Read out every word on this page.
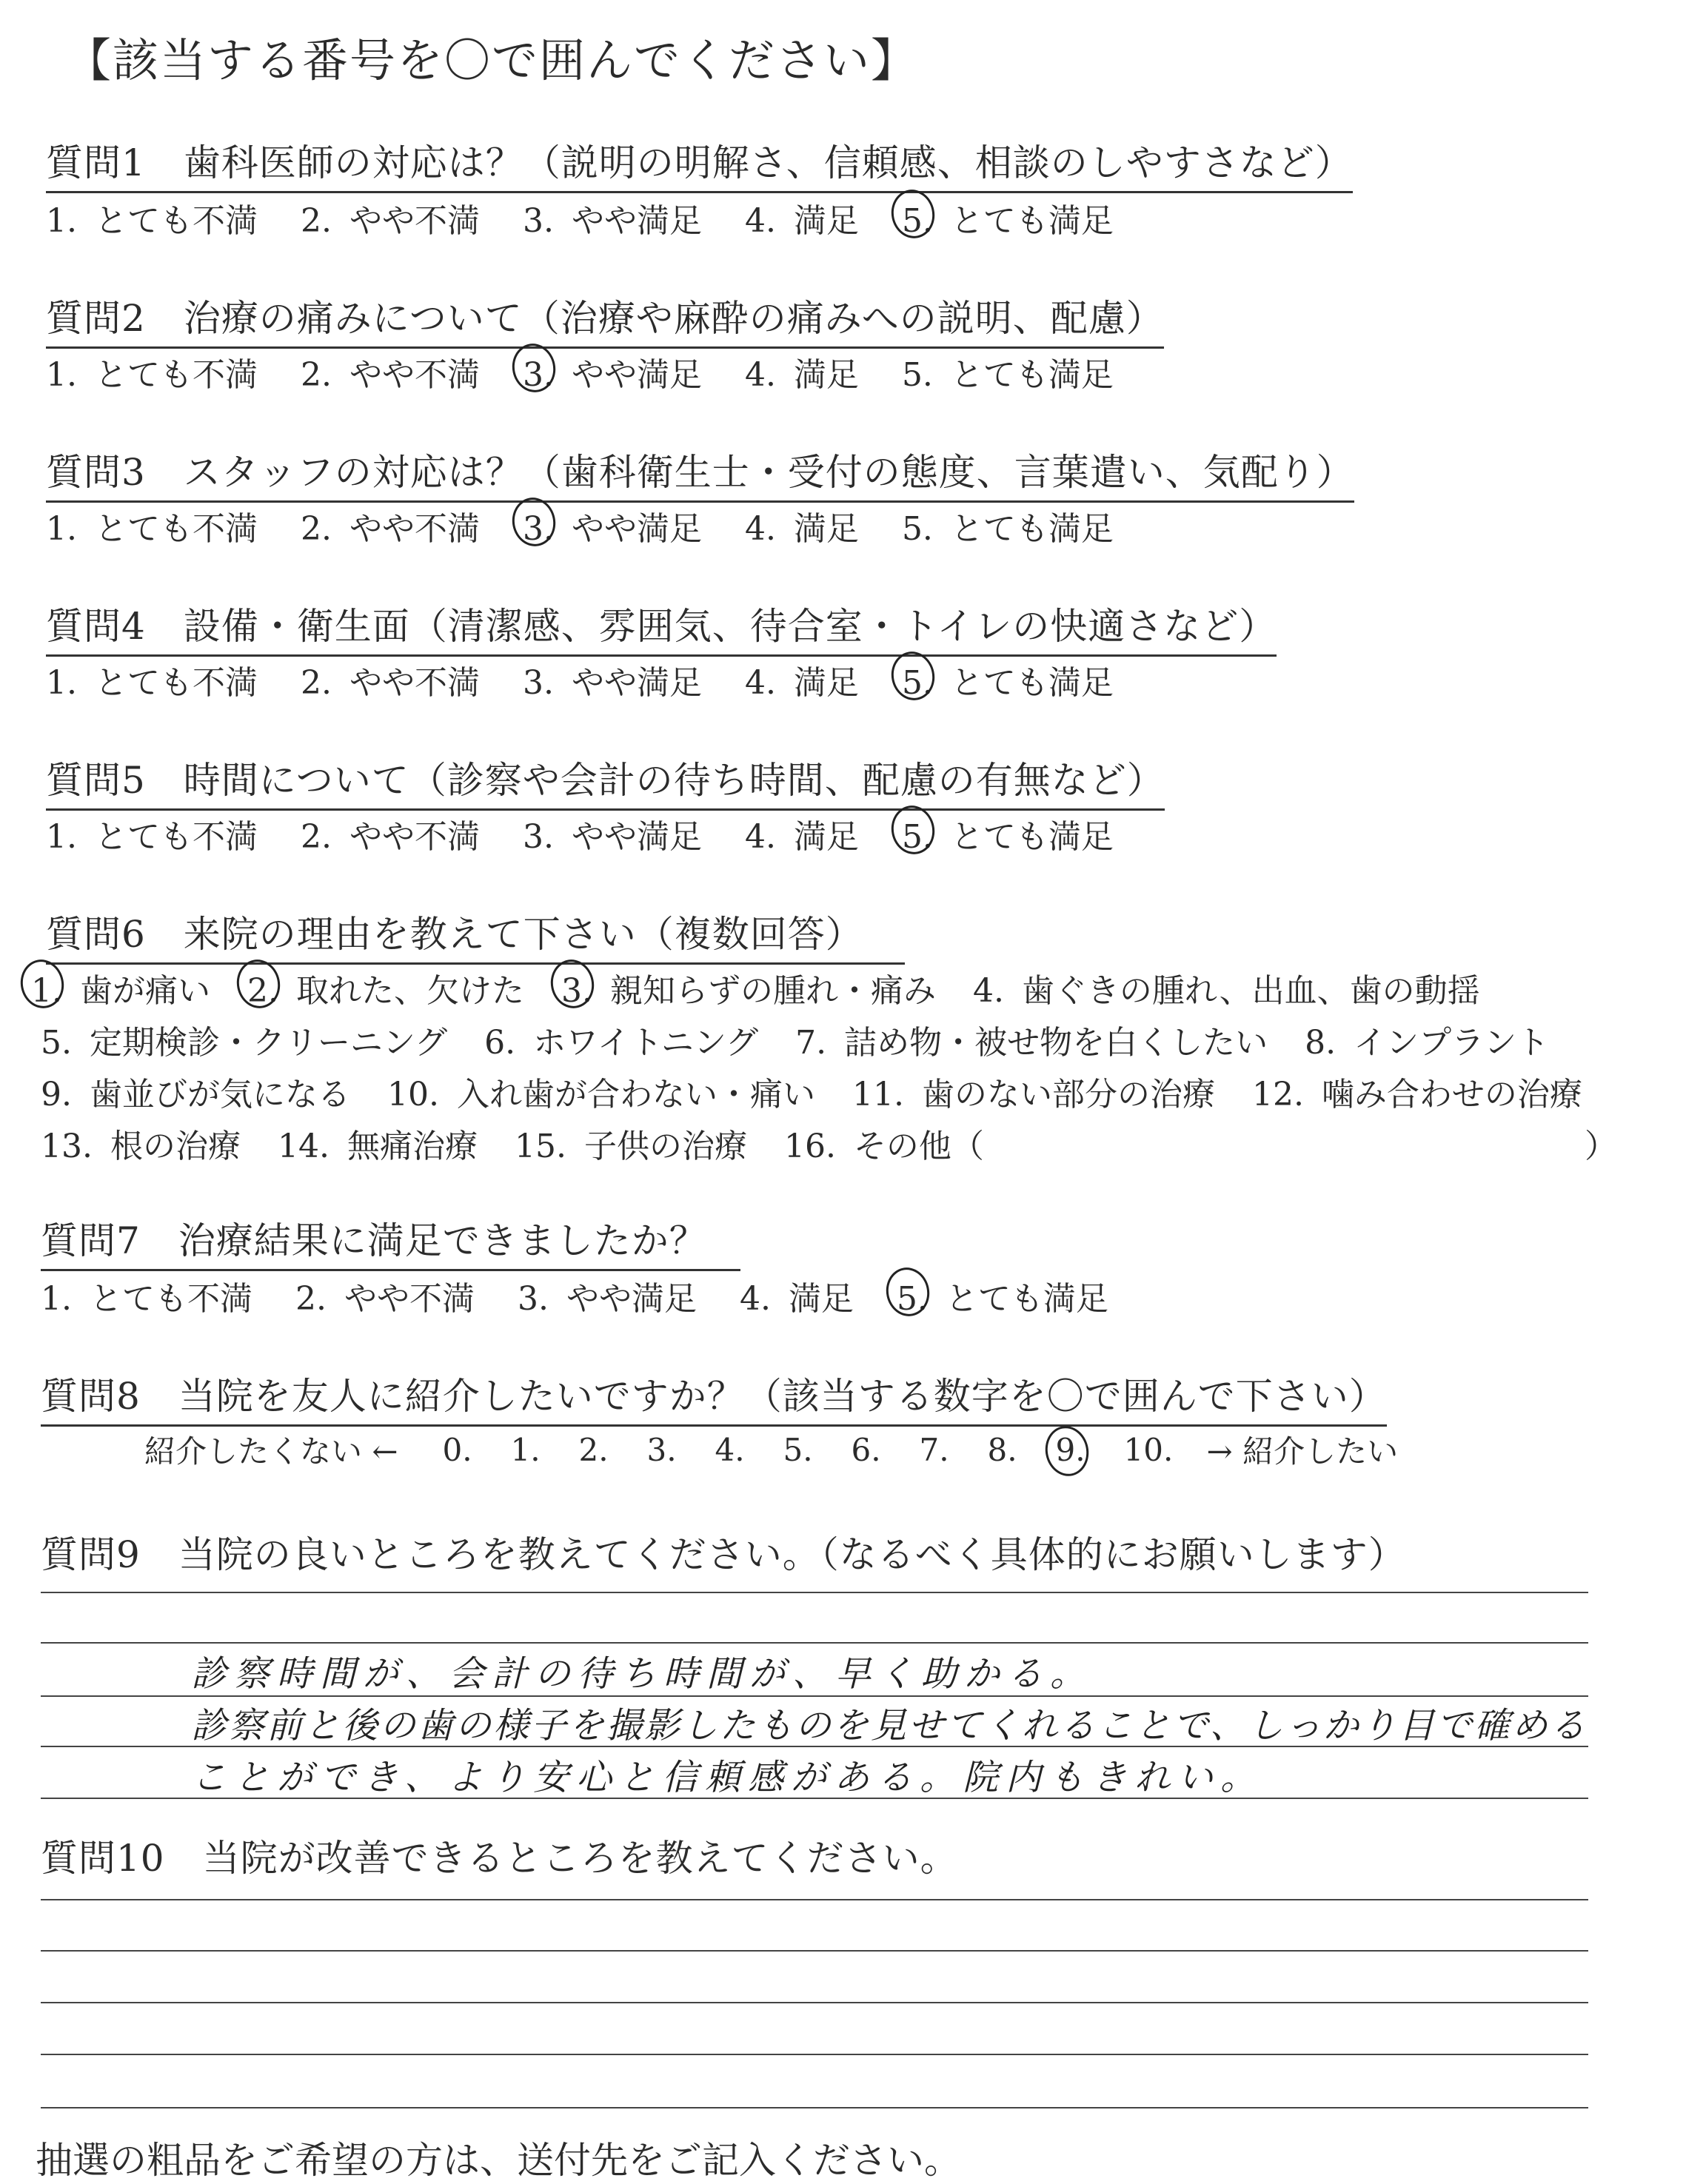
【該当する番号を〇で囲んでください】
質問1　歯科医師の対応は？（説明の明解さ、信頼感、相談のしやすさなど）
1. とても不満 2. やや不満 3. やや満足 4. 満足 5. とても満足
質問2　治療の痛みについて（治療や麻酔の痛みへの説明、配慮）
1. とても不満 2. やや不満 3. やや満足 4. 満足 5. とても満足
質問3　スタッフの対応は？（歯科衛生士・受付の態度、言葉遣い、気配り）
1. とても不満 2. やや不満 3. やや満足 4. 満足 5. とても満足
質問4　設備・衛生面（清潔感、雰囲気、待合室・トイレの快適さなど）
1. とても不満 2. やや不満 3. やや満足 4. 満足 5. とても満足
質問5　時間について（診察や会計の待ち時間、配慮の有無など）
1. とても不満 2. やや不満 3. やや満足 4. 満足 5. とても満足
質問6　来院の理由を教えて下さい（複数回答）
1. 歯が痛い 2. 取れた、欠けた 3. 親知らずの腫れ・痛み 4. 歯ぐきの腫れ、出血、歯の動揺
5. 定期検診・クリーニング 6. ホワイトニング 7. 詰め物・被せ物を白くしたい 8. インプラント
9. 歯並びが気になる 10. 入れ歯が合わない・痛い 11. 歯のない部分の治療 12. 噛み合わせの治療
13. 根の治療 14. 無痛治療 15. 子供の治療 16. その他（	）
質問7　治療結果に満足できましたか？
1. とても不満 2. やや不満 3. やや満足 4. 満足 5. とても満足
質問8　当院を友人に紹介したいですか？（該当する数字を〇で囲んで下さい）
紹介したくない ← 0.	1.	2.	3.	4.	5.	6.	7.	8.	9.	10.	→ 紹介したい
質問9　当院の良いところを教えてください。（なるべく具体的にお願いします）
診察時間が、会計の待ち時間が、早く助かる。
診察前と後の歯の様子を撮影したものを見せてくれることで、しっかり目で確める
ことができ、より安心と信頼感がある。院内もきれい。
質問10　当院が改善できるところを教えてください。
抽選の粗品をご希望の方は、送付先をご記入ください。
